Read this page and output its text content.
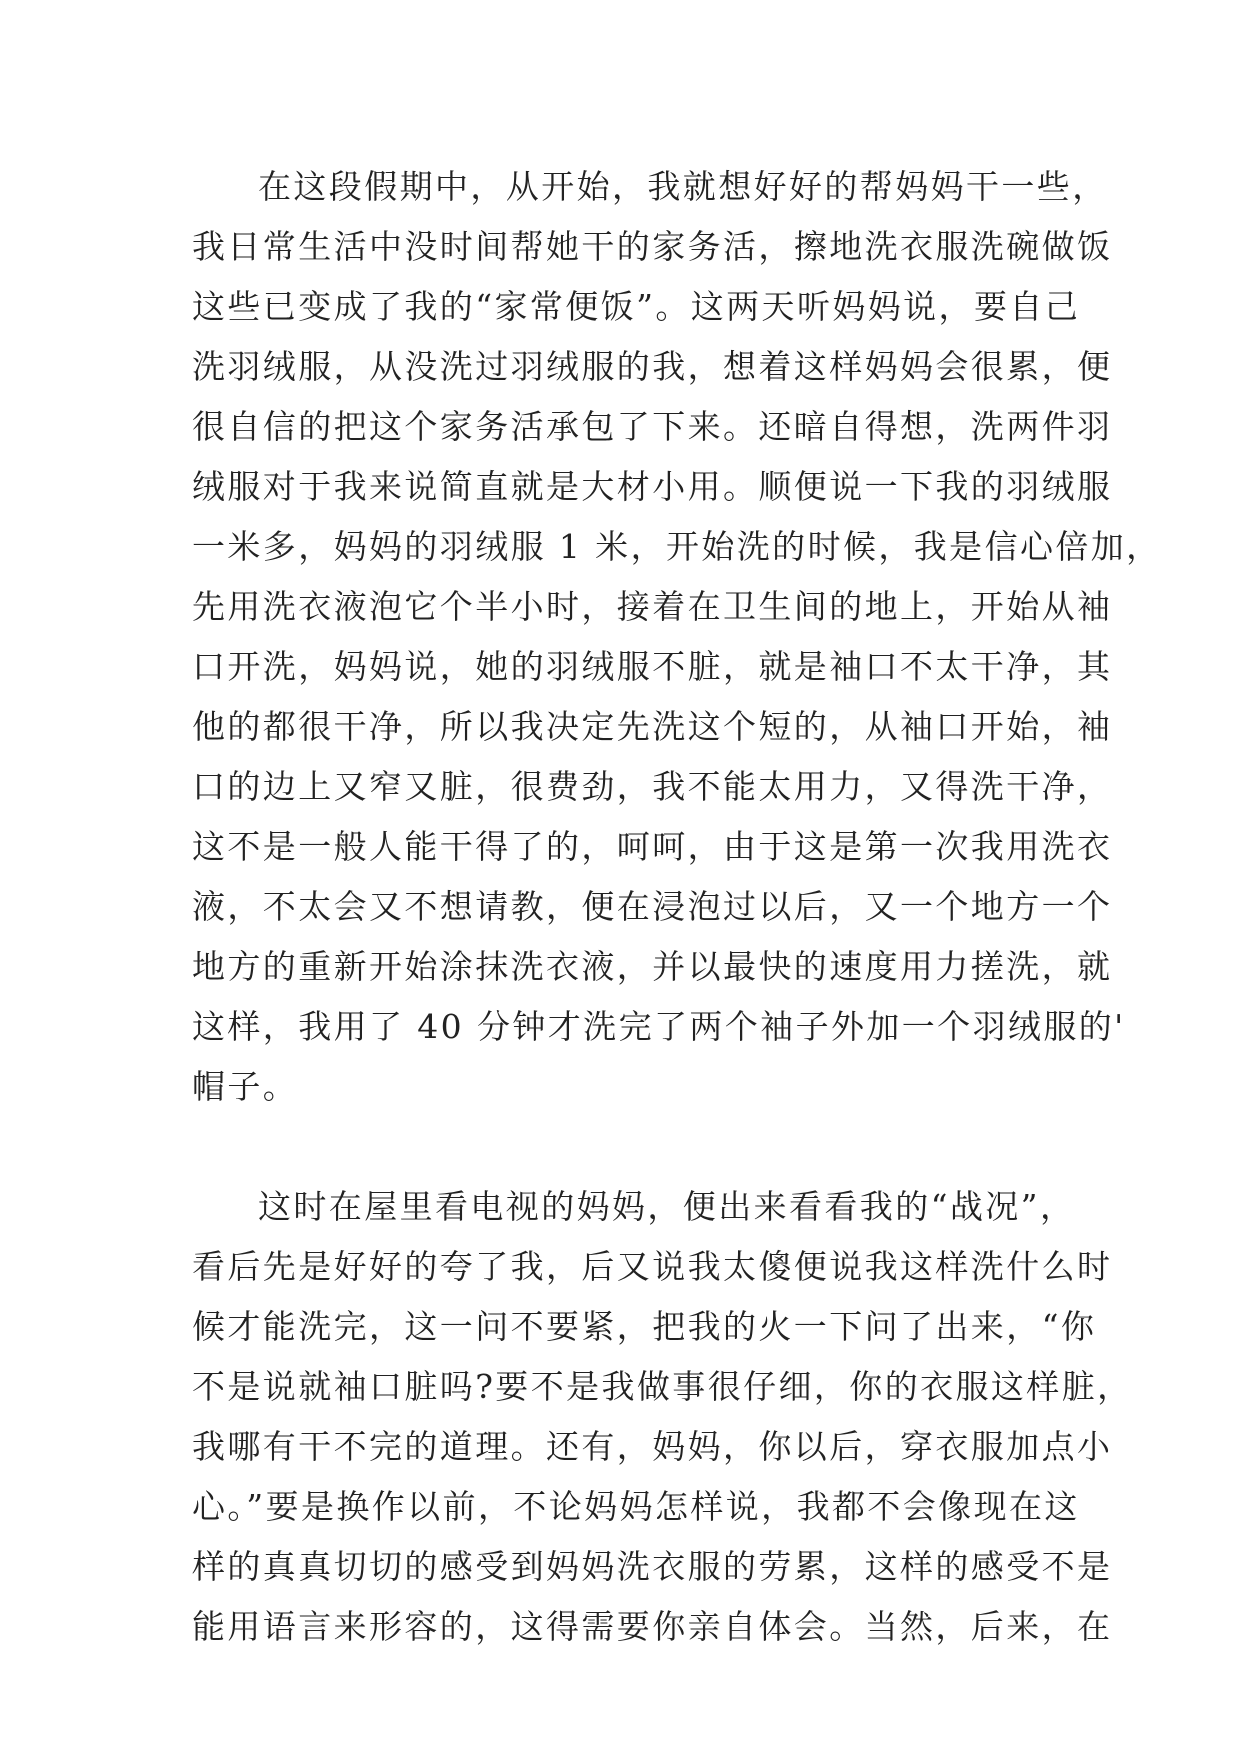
在这段假期中，从开始，我就想好好的帮妈妈干一些，
我日常生活中没时间帮她干的家务活，擦地洗衣服洗碗做饭
这些已变成了我的“家常便饭”。这两天听妈妈说，要自己
洗羽绒服，从没洗过羽绒服的我，想着这样妈妈会很累，便
很自信的把这个家务活承包了下来。还暗自得想，洗两件羽
绒服对于我来说简直就是大材小用。顺便说一下我的羽绒服
一米多，妈妈的羽绒服 1 米，开始洗的时候，我是信心倍加，
先用洗衣液泡它个半小时，接着在卫生间的地上，开始从袖
口开洗，妈妈说，她的羽绒服不脏，就是袖口不太干净，其
他的都很干净，所以我决定先洗这个短的，从袖口开始，袖
口的边上又窄又脏，很费劲，我不能太用力，又得洗干净，
这不是一般人能干得了的，呵呵，由于这是第一次我用洗衣
液，不太会又不想请教，便在浸泡过以后，又一个地方一个
地方的重新开始涂抹洗衣液，并以最快的速度用力搓洗，就
这样，我用了 40 分钟才洗完了两个袖子外加一个羽绒服的'
帽子。
这时在屋里看电视的妈妈，便出来看看我的“战况”，
看后先是好好的夸了我，后又说我太傻便说我这样洗什么时
候才能洗完，这一问不要紧，把我的火一下问了出来，“你
不是说就袖口脏吗?要不是我做事很仔细，你的衣服这样脏，
我哪有干不完的道理。还有，妈妈，你以后，穿衣服加点小
心。”要是换作以前，不论妈妈怎样说，我都不会像现在这
样的真真切切的感受到妈妈洗衣服的劳累，这样的感受不是
能用语言来形容的，这得需要你亲自体会。当然，后来，在
